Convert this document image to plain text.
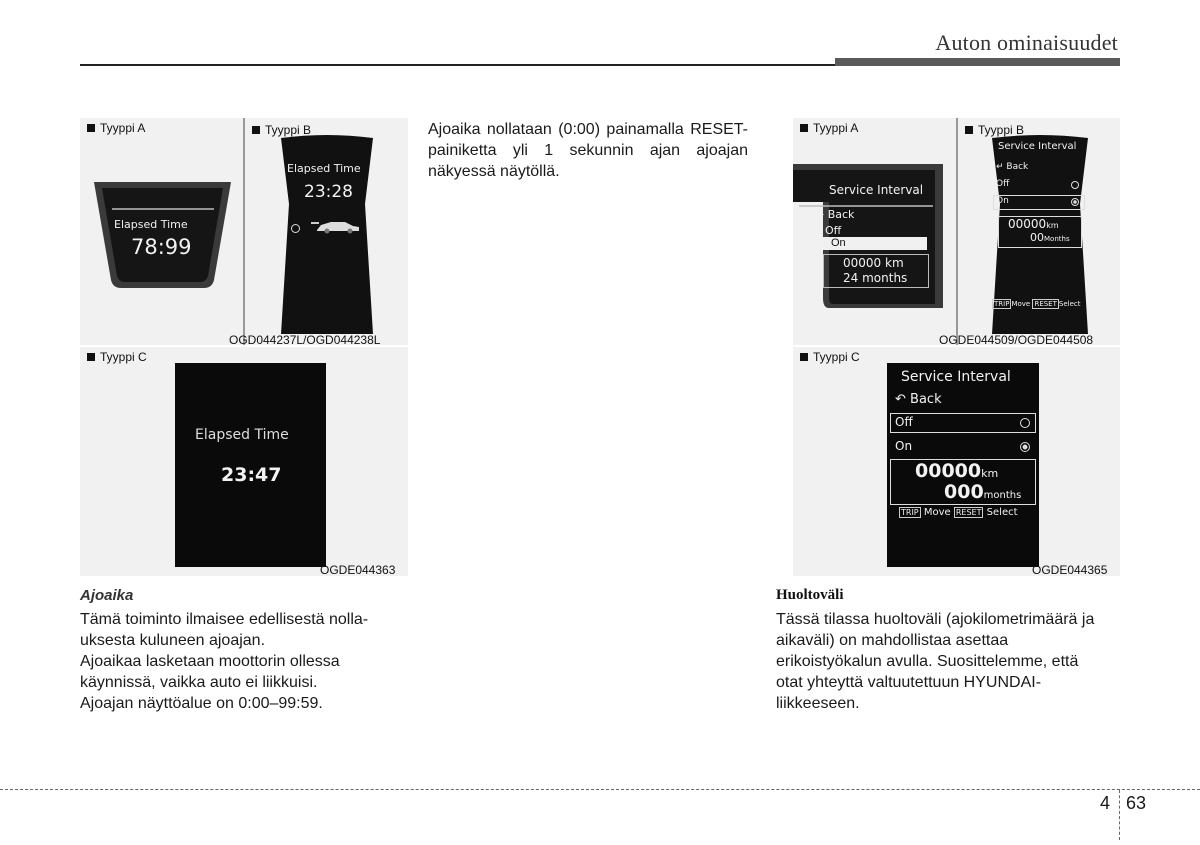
Auton ominaisuudet
Tyyppi A
Elapsed Time
78:99
Tyyppi B
Elapsed Time
23:28
OGD044237L/OGD044238L
Tyyppi C
Elapsed Time
23:47
OGDE044363
Ajoaika
Tämä toiminto ilmaisee edellisestä nolla-uksesta kuluneen ajoajan.
Ajoaikaa lasketaan moottorin ollessa käynnissä, vaikka auto ei liikkuisi.
Ajoajan näyttöalue on 0:00–99:59.
Ajoaika nollataan (0:00) painamalla RESET-painiketta yli 1 sekunnin ajan ajoajan näkyessä näytöllä.
Tyyppi A
Service Interval
← Back
Off
On
00000 km
24 months
Tyyppi B
Service Interval
↵ Back
Off
On
00000km
00Months
TRIP Move RESET Select
OGDE044509/OGDE044508
Tyyppi C
Service Interval
↶ Back
Off
On
00000km
000months
TRIP Move RESET Select
OGDE044365
Huoltoväli
Tässä tilassa huoltoväli (ajokilometrimäärä ja aikaväli) on mahdollistaa asettaa erikoistyökalun avulla. Suosittelemme, että otat yhteyttä valtuutettuun HYUNDAI-liikkeeseen.
4 63
